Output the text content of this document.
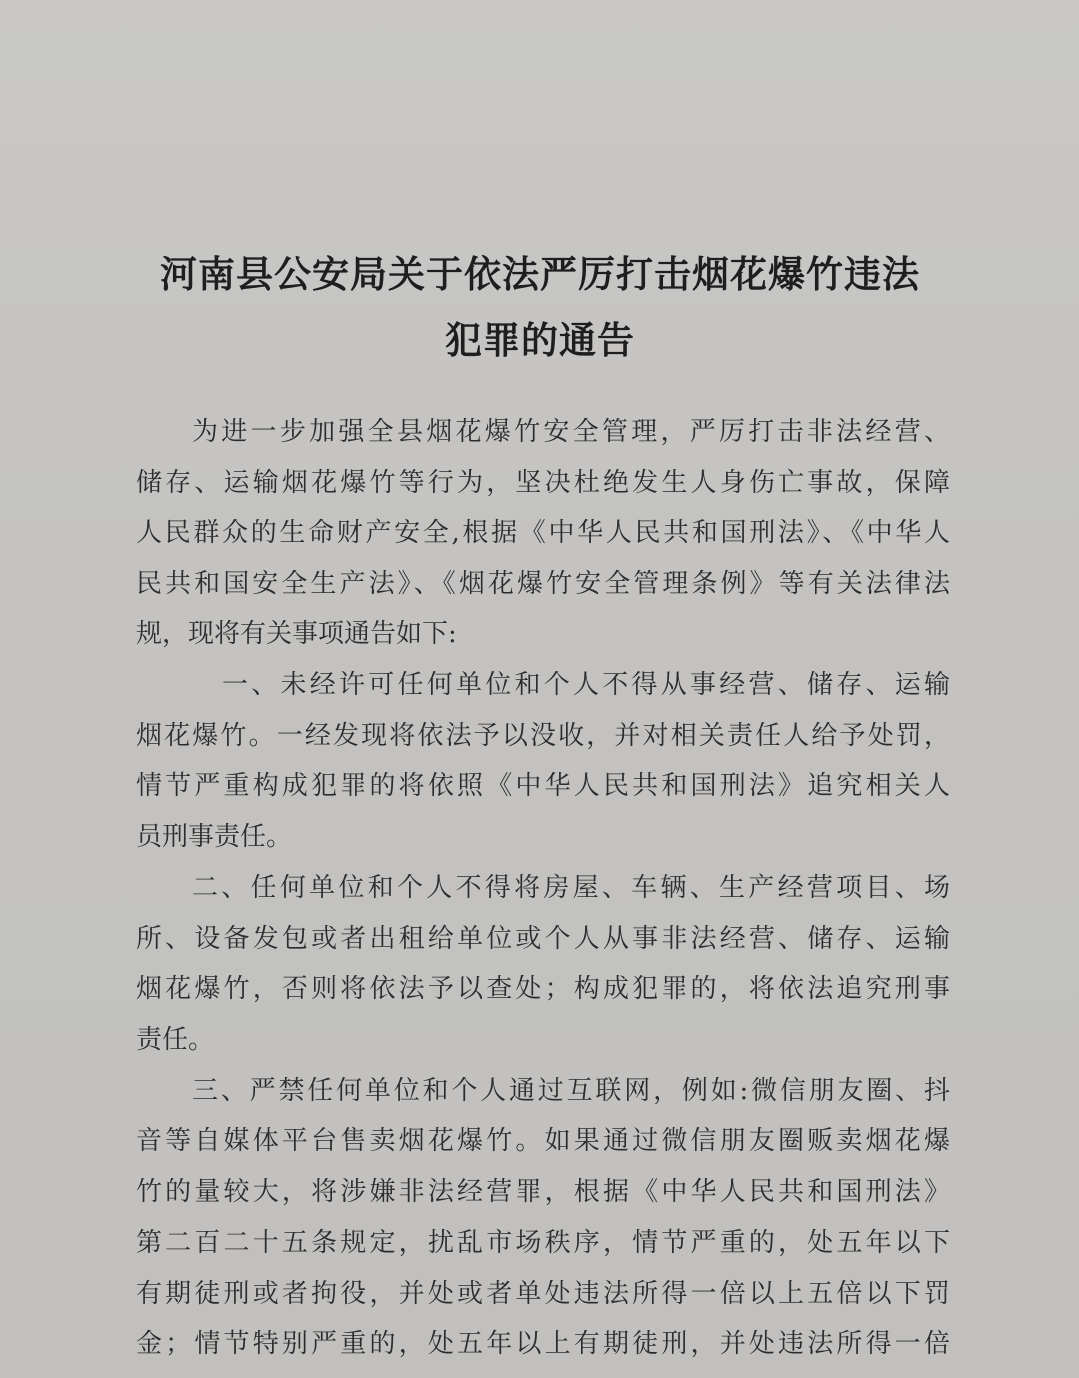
河南县公安局关于依法严厉打击烟花爆竹违法
犯罪的通告
为进一步加强全县烟花爆竹安全管理，严厉打击非法经营、
储存、运输烟花爆竹等行为，坚决杜绝发生人身伤亡事故，保障
人民群众的生命财产安全,根据《中华人民共和国刑法》、《中华人
民共和国安全生产法》、《烟花爆竹安全管理条例》等有关法律法
规，现将有关事项通告如下:
一、未经许可任何单位和个人不得从事经营、储存、运输
烟花爆竹。一经发现将依法予以没收，并对相关责任人给予处罚，
情节严重构成犯罪的将依照《中华人民共和国刑法》追究相关人
员刑事责任。
二、任何单位和个人不得将房屋、车辆、生产经营项目、场
所、设备发包或者出租给单位或个人从事非法经营、储存、运输
烟花爆竹，否则将依法予以查处；构成犯罪的，将依法追究刑事
责任。
三、严禁任何单位和个人通过互联网，例如:微信朋友圈、抖
音等自媒体平台售卖烟花爆竹。如果通过微信朋友圈贩卖烟花爆
竹的量较大，将涉嫌非法经营罪，根据《中华人民共和国刑法》
第二百二十五条规定，扰乱市场秩序，情节严重的，处五年以下
有期徒刑或者拘役，并处或者单处违法所得一倍以上五倍以下罚
金；情节特别严重的，处五年以上有期徒刑，并处违法所得一倍
